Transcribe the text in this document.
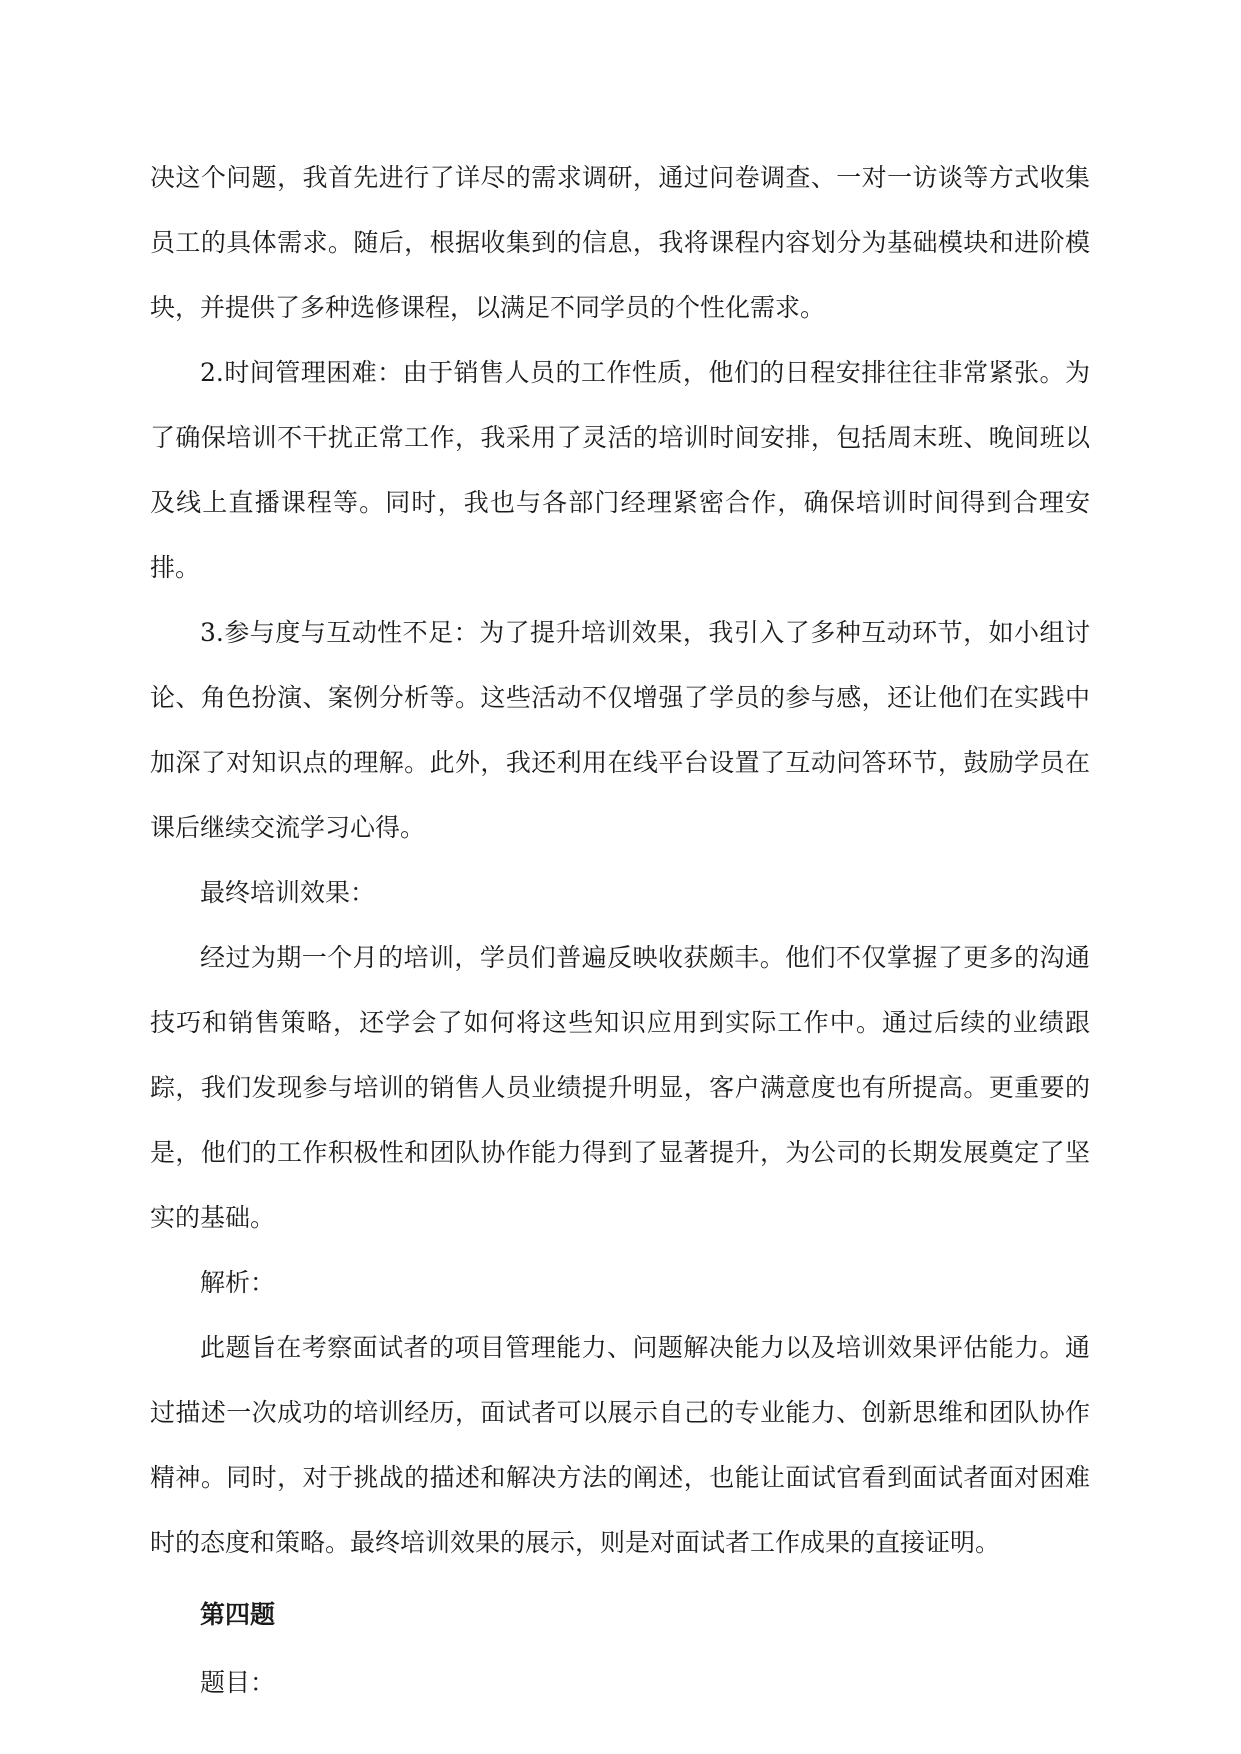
决这个问题，我首先进行了详尽的需求调研，通过问卷调查、一对一访谈等方式收集员工的具体需求。随后，根据收集到的信息，我将课程内容划分为基础模块和进阶模块，并提供了多种选修课程，以满足不同学员的个性化需求。

2.时间管理困难：由于销售人员的工作性质，他们的日程安排往往非常紧张。为了确保培训不干扰正常工作，我采用了灵活的培训时间安排，包括周末班、晚间班以及线上直播课程等。同时，我也与各部门经理紧密合作，确保培训时间得到合理安排。

3.参与度与互动性不足：为了提升培训效果，我引入了多种互动环节，如小组讨论、角色扮演、案例分析等。这些活动不仅增强了学员的参与感，还让他们在实践中加深了对知识点的理解。此外，我还利用在线平台设置了互动问答环节，鼓励学员在课后继续交流学习心得。

最终培训效果：

经过为期一个月的培训，学员们普遍反映收获颇丰。他们不仅掌握了更多的沟通技巧和销售策略，还学会了如何将这些知识应用到实际工作中。通过后续的业绩跟踪，我们发现参与培训的销售人员业绩提升明显，客户满意度也有所提高。更重要的是，他们的工作积极性和团队协作能力得到了显著提升，为公司的长期发展奠定了坚实的基础。

解析：

此题旨在考察面试者的项目管理能力、问题解决能力以及培训效果评估能力。通过描述一次成功的培训经历，面试者可以展示自己的专业能力、创新思维和团队协作精神。同时，对于挑战的描述和解决方法的阐述，也能让面试官看到面试者面对困难时的态度和策略。最终培训效果的展示，则是对面试者工作成果的直接证明。

第四题

题目：
